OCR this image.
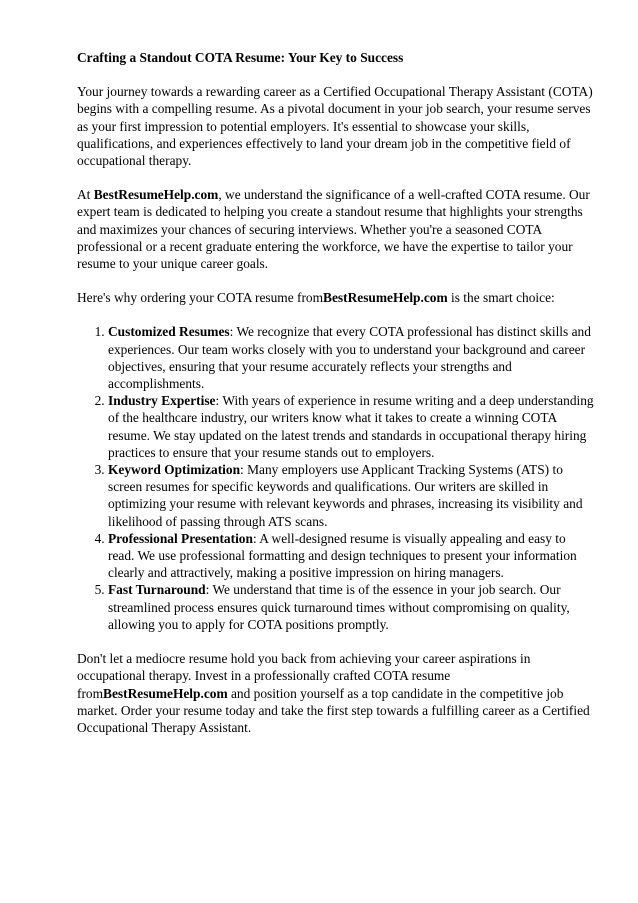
Crafting a Standout COTA Resume: Your Key to Success

Your journey towards a rewarding career as a Certified Occupational Therapy Assistant (COTA) begins with a compelling resume. As a pivotal document in your job search, your resume serves as your first impression to potential employers. It's essential to showcase your skills, qualifications, and experiences effectively to land your dream job in the competitive field of occupational therapy.

At BestResumeHelp.com, we understand the significance of a well-crafted COTA resume. Our expert team is dedicated to helping you create a standout resume that highlights your strengths and maximizes your chances of securing interviews. Whether you're a seasoned COTA professional or a recent graduate entering the workforce, we have the expertise to tailor your resume to your unique career goals.

Here's why ordering your COTA resume fromBestResumeHelp.com is the smart choice:

1. Customized Resumes: We recognize that every COTA professional has distinct skills and experiences. Our team works closely with you to understand your background and career objectives, ensuring that your resume accurately reflects your strengths and accomplishments.
2. Industry Expertise: With years of experience in resume writing and a deep understanding of the healthcare industry, our writers know what it takes to create a winning COTA resume. We stay updated on the latest trends and standards in occupational therapy hiring practices to ensure that your resume stands out to employers.
3. Keyword Optimization: Many employers use Applicant Tracking Systems (ATS) to screen resumes for specific keywords and qualifications. Our writers are skilled in optimizing your resume with relevant keywords and phrases, increasing its visibility and likelihood of passing through ATS scans.
4. Professional Presentation: A well-designed resume is visually appealing and easy to read. We use professional formatting and design techniques to present your information clearly and attractively, making a positive impression on hiring managers.
5. Fast Turnaround: We understand that time is of the essence in your job search. Our streamlined process ensures quick turnaround times without compromising on quality, allowing you to apply for COTA positions promptly.

Don't let a mediocre resume hold you back from achieving your career aspirations in occupational therapy. Invest in a professionally crafted COTA resume fromBestResumeHelp.com and position yourself as a top candidate in the competitive job market. Order your resume today and take the first step towards a fulfilling career as a Certified Occupational Therapy Assistant.
